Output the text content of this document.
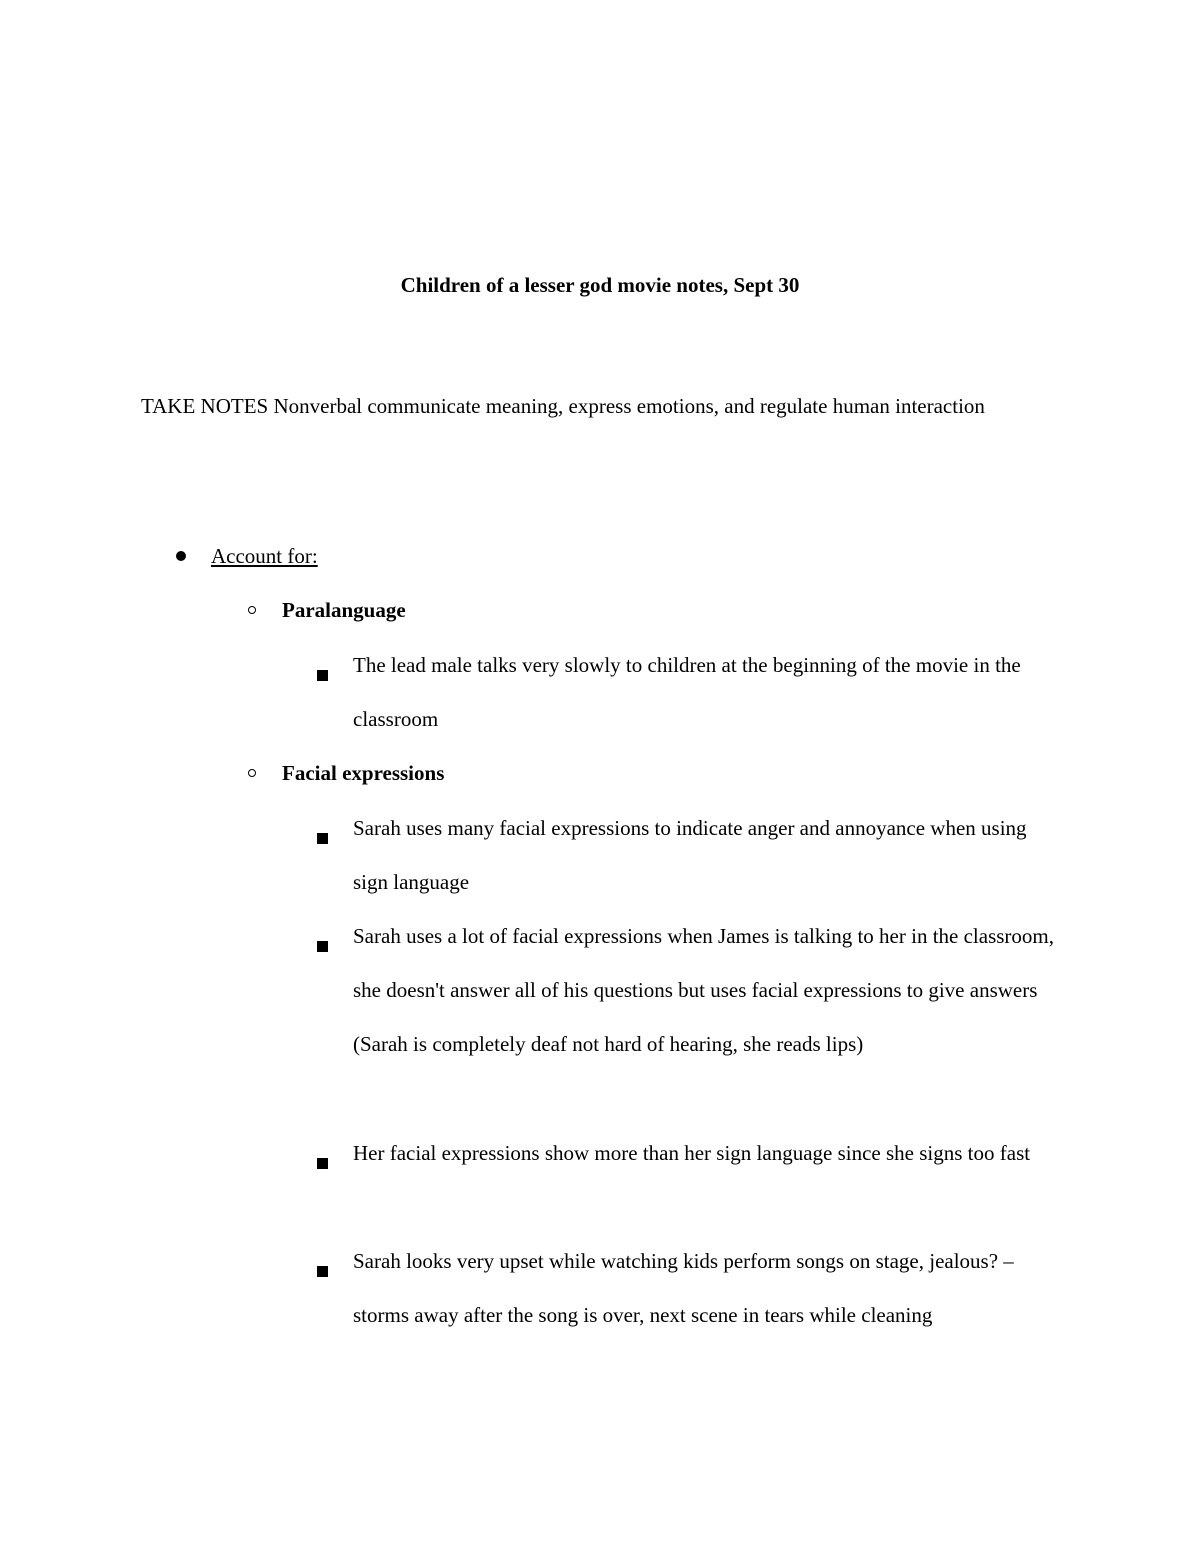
Children of a lesser god movie notes, Sept 30
TAKE NOTES Nonverbal communicate meaning, express emotions, and regulate human interaction
Account for:
Paralanguage
The lead male talks very slowly to children at the beginning of the movie in the classroom
Facial expressions
Sarah uses many facial expressions to indicate anger and annoyance when using sign language
Sarah uses a lot of facial expressions when James is talking to her in the classroom, she doesn't answer all of his questions but uses facial expressions to give answers (Sarah is completely deaf not hard of hearing, she reads lips)
Her facial expressions show more than her sign language since she signs too fast
Sarah looks very upset while watching kids perform songs on stage, jealous? – storms away after the song is over, next scene in tears while cleaning
